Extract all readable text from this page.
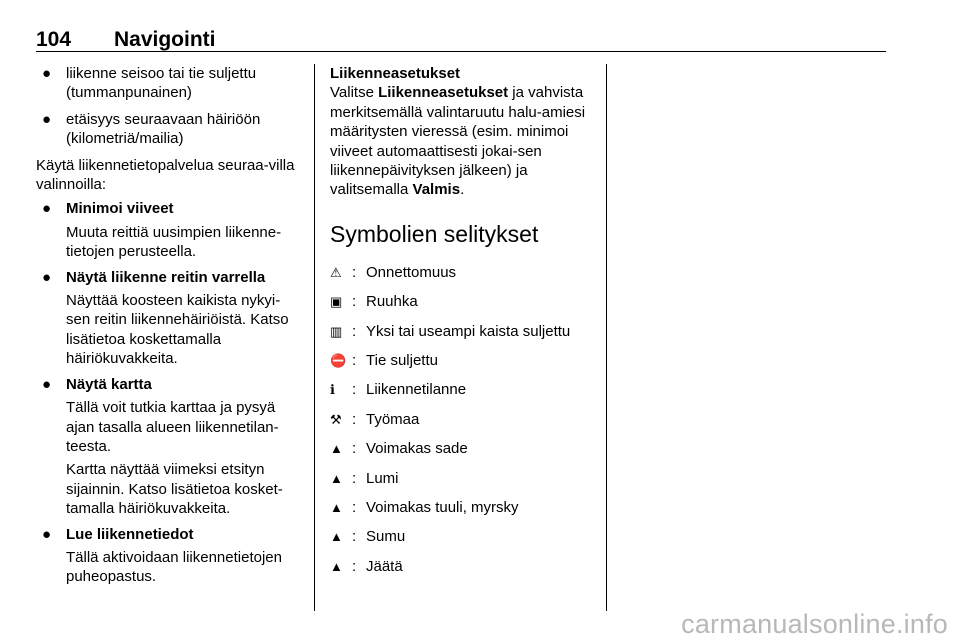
104 Navigointi
● liikenne seisoo tai tie suljettu (tummanpunainen)
● etäisyys seuraavaan häiriöön (kilometriä/mailia)

Käytä liikennetietopalvelua seuraa-villa valinnoilla:

● Minimoi viiveet
Muuta reittiä uusimpien liikenne-tietojen perusteella.
● Näytä liikenne reitin varrella
Näyttää koosteen kaikista nykyi-sen reitin liikennehäiriöistä. Katso lisätietoa koskettamalla häiriökuvakkeita.
● Näytä kartta
Tällä voit tutkia karttaa ja pysyä ajan tasalla alueen liikennetilan-teesta.
Kartta näyttää viimeksi etsityn sijainnin. Katso lisätietoa kosket-tamalla häiriökuvakkeita.
● Lue liikennetiedot
Tällä aktivoidaan liikennetietojen puheopastus.
Liikenneasetukset
Valitse Liikenneasetukset ja vahvista merkitsemällä valintaruutu halu-amiesi määritysten vieressä (esim. minimoi viiveet automaattisesti jokai-sen liikennepäivityksen jälkeen) ja valitsemalla Valmis.
Symbolien selitykset
⚠ : Onnettomuus
▣ : Ruuhka
▥ : Yksi tai useampi kaista suljettu
⛔ : Tie suljettu
ℹ	: Liikennetilanne
⚒ : Työmaa
▲ : Voimakas sade
▲ : Lumi
▲ : Voimakas tuuli, myrsky
▲ : Sumu
▲ : Jäätä
carmanualsonline.info
